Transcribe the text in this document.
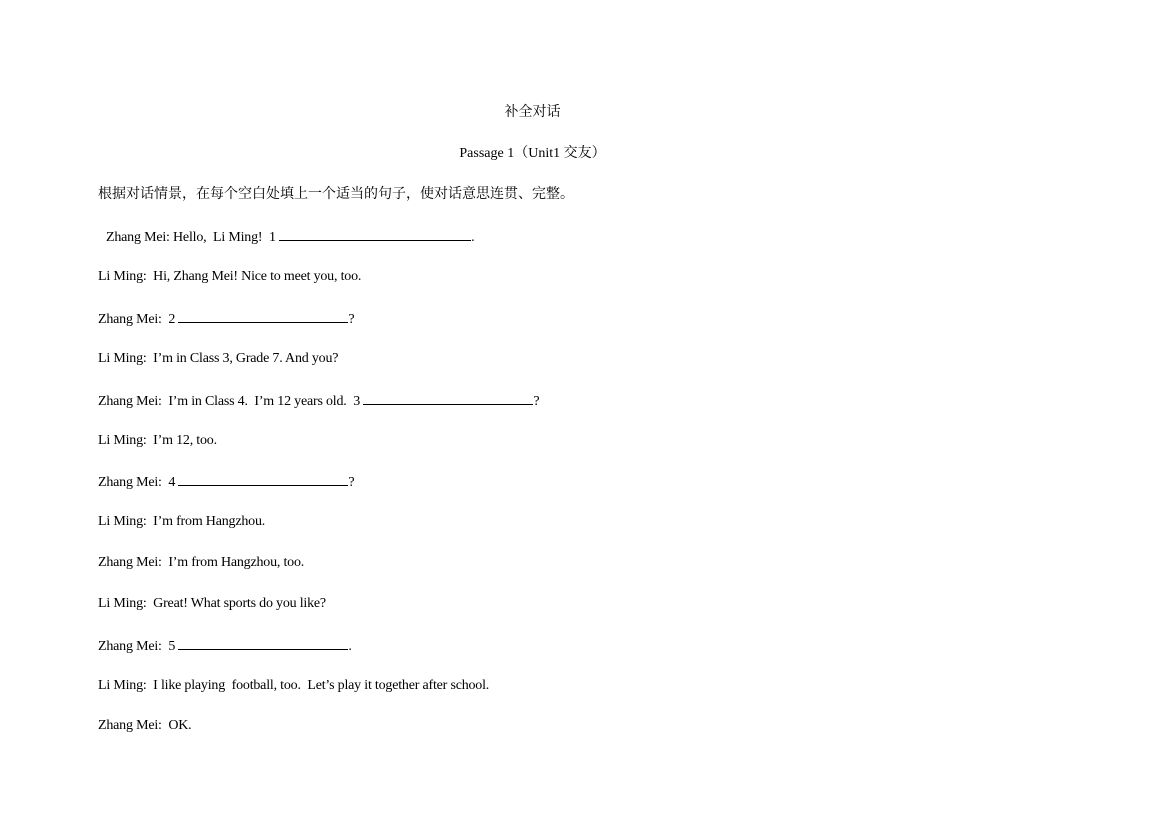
补全对话
Passage 1（Unit1 交友）
根据对话情景，在每个空白处填上一个适当的句子，使对话意思连贯、完整。
Zhang Mei: Hello,  Li Ming!  1	.
Li Ming:  Hi, Zhang Mei! Nice to meet you, too.
Zhang Mei:  2	?
Li Ming:  I’m in Class 3, Grade 7. And you?
Zhang Mei:  I’m in Class 4.  I’m 12 years old.  3	?
Li Ming:  I’m 12, too.
Zhang Mei:  4	?
Li Ming:  I’m from Hangzhou.
Zhang Mei:  I’m from Hangzhou, too.
Li Ming:  Great! What sports do you like?
Zhang Mei:  5	.
Li Ming:  I like playing  football, too.  Let’s play it together after school.
Zhang Mei:  OK.
